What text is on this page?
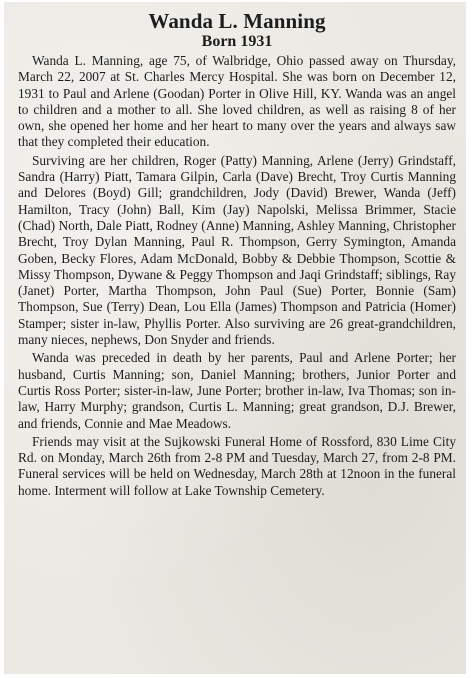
Wanda L. Manning
Born 1931

Wanda L. Manning, age 75, of Walbridge, Ohio passed away on Thursday, March 22, 2007 at St. Charles Mercy Hospital. She was born on December 12, 1931 to Paul and Arlene (Goodan) Porter in Olive Hill, KY. Wanda was an angel to children and a mother to all. She loved children, as well as raising 8 of her own, she opened her home and her heart to many over the years and always saw that they completed their education.

Surviving are her children, Roger (Patty) Manning, Arlene (Jerry) Grindstaff, Sandra (Harry) Piatt, Tamara Gilpin, Carla (Dave) Brecht, Troy Curtis Manning and Delores (Boyd) Gill; grandchildren, Jody (David) Brewer, Wanda (Jeff) Hamilton, Tracy (John) Ball, Kim (Jay) Napolski, Melissa Brimmer, Stacie (Chad) North, Dale Piatt, Rodney (Anne) Manning, Ashley Manning, Christopher Brecht, Troy Dylan Manning, Paul R. Thompson, Gerry Symington, Amanda Goben, Becky Flores, Adam McDonald, Bobby & Debbie Thompson, Scottie & Missy Thompson, Dywane & Peggy Thompson and Jaqi Grindstaff; siblings, Ray (Janet) Porter, Martha Thompson, John Paul (Sue) Porter, Bonnie (Sam) Thompson, Sue (Terry) Dean, Lou Ella (James) Thompson and Patricia (Homer) Stamper; sister in-law, Phyllis Porter. Also surviving are 26 great-grandchildren, many nieces, nephews, Don Snyder and friends.

Wanda was preceded in death by her parents, Paul and Arlene Porter; her husband, Curtis Manning; son, Daniel Manning; brothers, Junior Porter and Curtis Ross Porter; sister-in-law, June Porter; brother in-law, Iva Thomas; son in-law, Harry Murphy; grandson, Curtis L. Manning; great grandson, D.J. Brewer, and friends, Connie and Mae Meadows.

Friends may visit at the Sujkowski Funeral Home of Rossford, 830 Lime City Rd. on Monday, March 26th from 2-8 PM and Tuesday, March 27, from 2-8 PM. Funeral services will be held on Wednesday, March 28th at 12noon in the funeral home. Interment will follow at Lake Township Cemetery.
